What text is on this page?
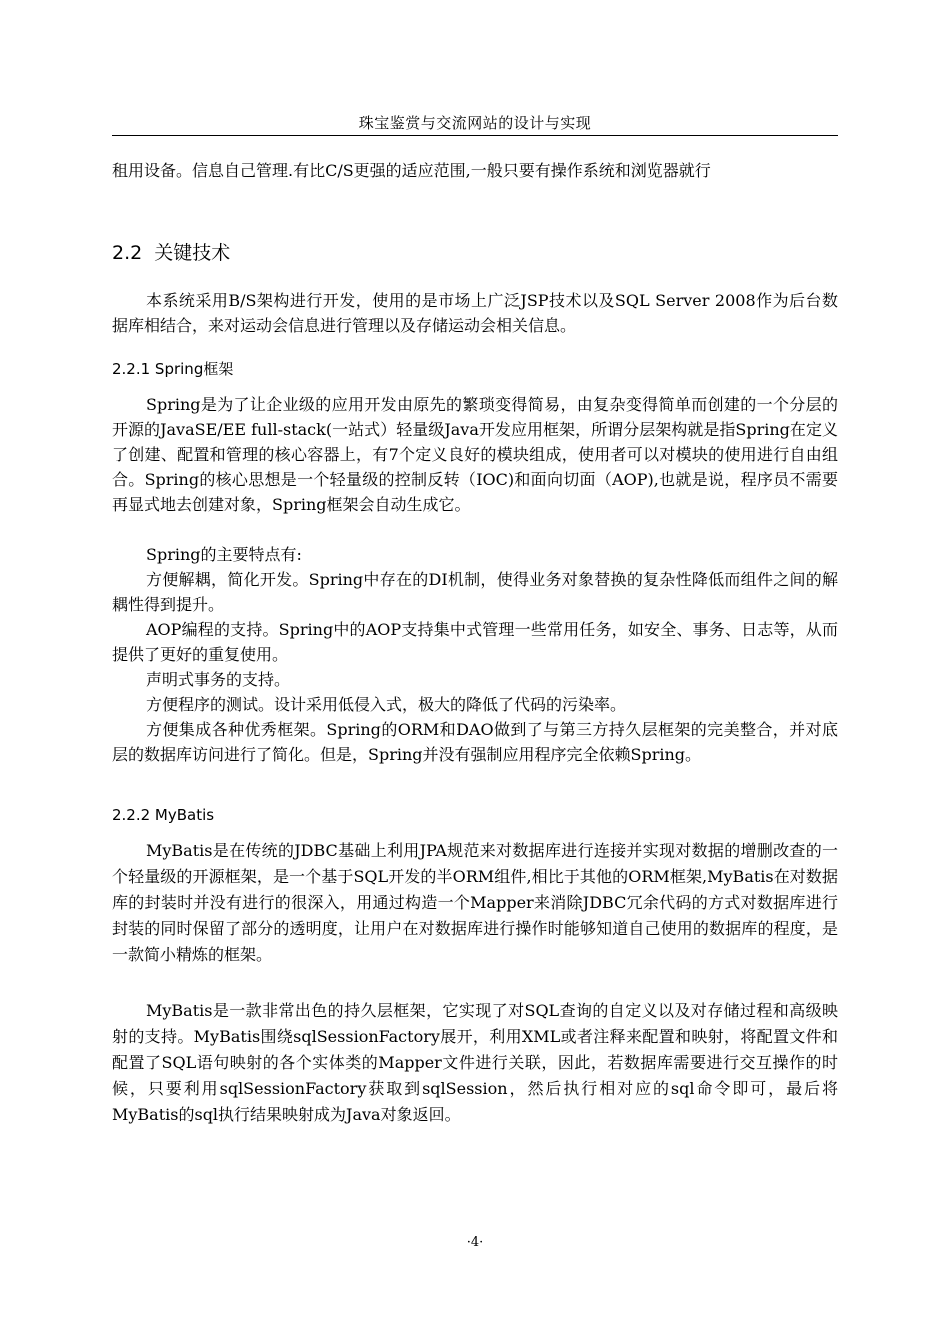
珠宝鉴赏与交流网站的设计与实现
租用设备。信息自己管理.有比C/S更强的适应范围,一般只要有操作系统和浏览器就行
2.2 关键技术
本系统采用B/S架构进行开发，使用的是市场上广泛JSP技术以及SQL Server 2008作为后台数据库相结合，来对运动会信息进行管理以及存储运动会相关信息。
2.2.1 Spring框架
Spring是为了让企业级的应用开发由原先的繁琐变得简易，由复杂变得简单而创建的一个分层的开源的JavaSE/EE full-stack(一站式）轻量级Java开发应用框架，所谓分层架构就是指Spring在定义了创建、配置和管理的核心容器上，有7个定义良好的模块组成，使用者可以对模块的使用进行自由组合。Spring的核心思想是一个轻量级的控制反转（IOC)和面向切面（AOP),也就是说，程序员不需要再显式地去创建对象，Spring框架会自动生成它。
Spring的主要特点有:
方便解耦，简化开发。Spring中存在的DI机制，使得业务对象替换的复杂性降低而组件之间的解耦性得到提升。
AOP编程的支持。Spring中的AOP支持集中式管理一些常用任务，如安全、事务、日志等，从而提供了更好的重复使用。
声明式事务的支持。
方便程序的测试。设计采用低侵入式，极大的降低了代码的污染率。
方便集成各种优秀框架。Spring的ORM和DAO做到了与第三方持久层框架的完美整合，并对底层的数据库访问进行了简化。但是，Spring并没有强制应用程序完全依赖Spring。
2.2.2 MyBatis
MyBatis是在传统的JDBC基础上利用JPA规范来对数据库进行连接并实现对数据的增删改查的一个轻量级的开源框架，是一个基于SQL开发的半ORM组件,相比于其他的ORM框架,MyBatis在对数据库的封装时并没有进行的很深入，用通过构造一个Mapper来消除JDBC冗余代码的方式对数据库进行封装的同时保留了部分的透明度，让用户在对数据库进行操作时能够知道自己使用的数据库的程度，是一款简小精炼的框架。
MyBatis是一款非常出色的持久层框架，它实现了对SQL查询的自定义以及对存储过程和高级映射的支持。MyBatis围绕sqlSessionFactory展开，利用XML或者注释来配置和映射，将配置文件和配置了SQL语句映射的各个实体类的Mapper文件进行关联，因此，若数据库需要进行交互操作的时候，只要利用sqlSessionFactory获取到sqlSession，然后执行相对应的sql命令即可，最后将MyBatis的sql执行结果映射成为Java对象返回。
·4·
